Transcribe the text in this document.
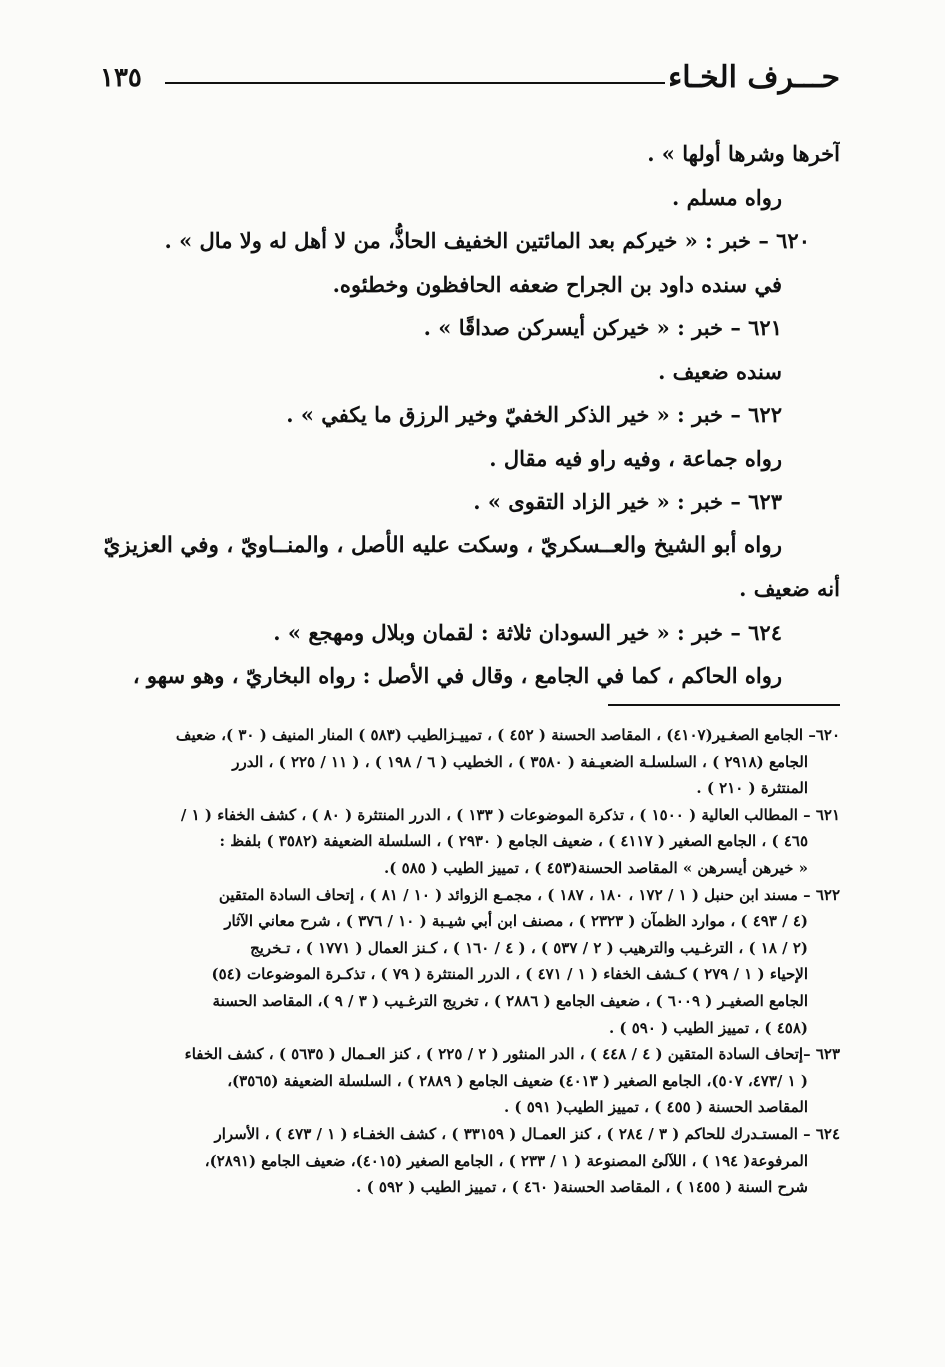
حـــرف الخـاء
١٣٥

آخرها وشرها أولها » .

رواه مسلم .

٦٢٠ – خبر : « خيركم بعد المائتين الخفيف الحاذُّ، من لا أهل له ولا مال » .

في سنده داود بن الجراح ضعفه الحافظون وخطئوه.

٦٢١ – خبر : « خيركن أيسركن صداقًا » .

سنده ضعيف .

٦٢٢ – خبر : « خير الذكر الخفيّ وخير الرزق ما يكفي » .

رواه جماعة ، وفيه راو فيه مقال .

٦٢٣ – خبر : « خير الزاد التقوى » .

رواه أبو الشيخ والعــسكريّ ، وسكت عليه الأصل ، والمنــاويّ ، وفي العزيزيّ

أنه ضعيف .

٦٢٤ – خبر : « خير السودان ثلاثة : لقمان وبلال ومهجع » .

رواه الحاكم ، كما في الجامع ، وقال في الأصل : رواه البخاريّ ، وهو سهو ،

٦٢٠– الجامع الصغـير(٤١٠٧) ، المقاصد الحسنة ( ٤٥٢ ) ، تمييـزالطيب (٥٨٣ ) المنار المنيف ( ٣٠ )، ضعيف

الجامع (٢٩١٨ ) ، السلسلـة الضعيـفة ( ٣٥٨٠ ) ، الخطيب ( ٦ / ١٩٨ ) ، ( ١١ / ٢٢٥ ) ، الدرر

المنتثرة ( ٢١٠ ) .

٦٢١ – المطالب العالية ( ١٥٠٠ ) ، تذكرة الموضوعات ( ١٣٣ ) ، الدرر المنتثرة ( ٨٠ ) ، كشف الخفاء ( ١ /

٤٦٥ ) ، الجامع الصغير ( ٤١١٧ ) ، ضعيف الجامع ( ٢٩٣٠ ) ، السلسلة الضعيفة (٣٥٨٢ ) بلفظ :

« خيرهن أيسرهن » المقاصد الحسنة(٤٥٣ ) ، تمييز الطيب ( ٥٨٥ ).

٦٢٢ – مسند ابن حنبل ( ١ / ١٧٢ ، ١٨٠ ، ١٨٧ ) ، مجمـع الزوائد ( ١٠ / ٨١ ) ، إتحاف السادة المتقين

(٤ / ٤٩٣ ) ، موارد الظمآن ( ٢٣٢٣ ) ، مصنف ابن أبي شيـبة ( ١٠ / ٣٧٦ ) ، شرح معاني الآثار

(٢ / ١٨ ) ، الترغـيب والترهيب ( ٢ / ٥٣٧ ) ، ( ٤ / ١٦٠ ) ، كـنز العمال ( ١٧٧١ ) ، تـخريج

الإحياء ( ١ / ٢٧٩ ) كـشف الخفاء ( ١ / ٤٧١ ) ، الدرر المنتثرة ( ٧٩ ) ، تذكـرة الموضوعات (٥٤)

الجامع الصغيـر ( ٦٠٠٩ ) ، ضعيف الجامع ( ٢٨٨٦ ) ، تخريج الترغـيب ( ٣ / ٩ )، المقاصد الحسنة

(٤٥٨ ) ، تمييز الطيب ( ٥٩٠ ) .

٦٢٣ –إتحاف السادة المتقين ( ٤ / ٤٤٨ ) ، الدر المنثور ( ٢ / ٢٢٥ ) ، كنز العـمال ( ٥٦٣٥ ) ، كشف الخفاء

( ١ /٤٧٣، ٥٠٧)، الجامع الصغير ( ٤٠١٣) ضعيف الجامع ( ٢٨٨٩ ) ، السلسلة الضعيفة (٣٥٦٥)،

المقاصد الحسنة ( ٤٥٥ ) ، تمييز الطيب( ٥٩١ ) .

٦٢٤ – المستـدرك للحاكم ( ٣ / ٢٨٤ ) ، كنز العمـال ( ٣٣١٥٩ ) ، كشف الخفـاء ( ١ / ٤٧٣ ) ، الأسرار

المرفوعة( ١٩٤ ) ، اللآلئ المصنوعة ( ١ / ٢٣٣ ) ، الجامع الصغير (٤٠١٥)، ضعيف الجامع (٢٨٩١)،

شرح السنة ( ١٤٥٥ ) ، المقاصد الحسنة( ٤٦٠ ) ، تمييز الطيب ( ٥٩٢ ) .
